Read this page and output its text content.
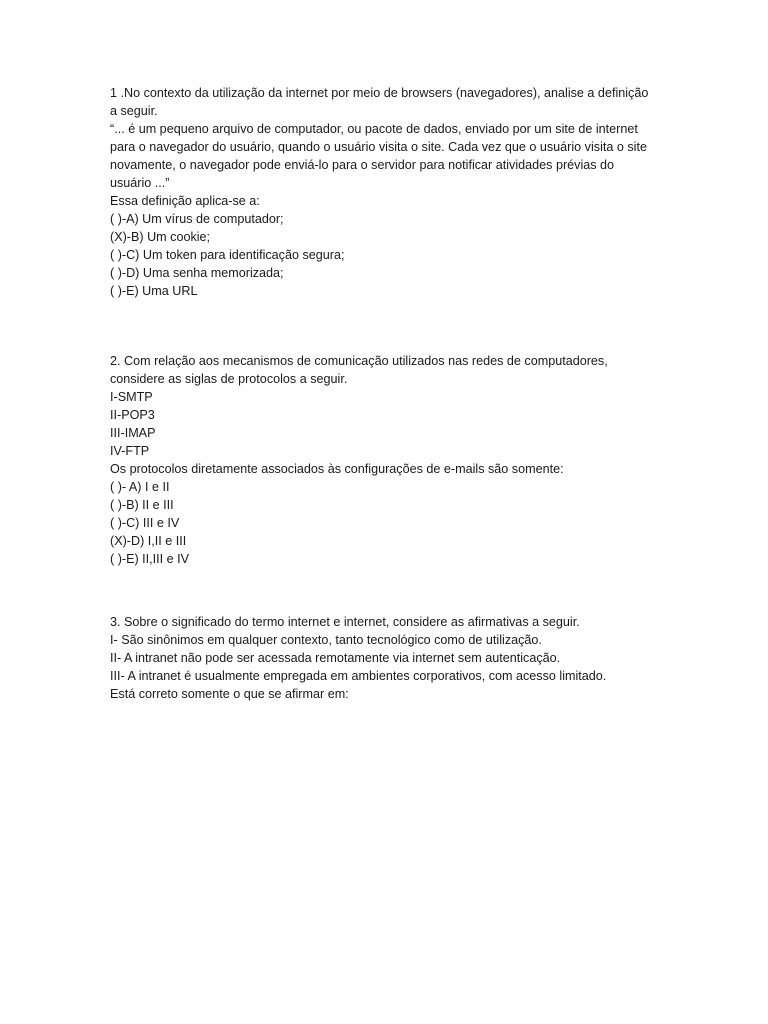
1 .No contexto da utilização da internet por meio de browsers (navegadores), analise a definição a seguir.

“... é um pequeno arquivo de computador, ou pacote de dados, enviado por um site de internet para o navegador do usuário, quando o usuário visita o site. Cada vez que o usuário visita o site novamente, o navegador pode enviá-lo para o servidor para notificar atividades prévias do usuário ...”

Essa definição aplica-se a:

( )-A) Um vírus de computador;

(X)-B) Um cookie;

( )-C) Um token para identificação segura;

( )-D) Uma senha memorizada;

( )-E) Uma URL

2. Com relação aos mecanismos de comunicação utilizados nas redes de computadores, considere as siglas de protocolos a seguir.

I-SMTP

II-POP3

III-IMAP

IV-FTP

Os protocolos diretamente associados às configurações de e-mails são somente:

( )- A) I e II

( )-B) II e III

( )-C) III e IV

(X)-D) I,II e III

( )-E) II,III e IV

3. Sobre o significado do termo internet e internet, considere as afirmativas a seguir.

I- São sinônimos em qualquer contexto, tanto tecnológico como de utilização.

II- A intranet não pode ser acessada remotamente via internet sem autenticação.

III- A intranet é usualmente empregada em ambientes corporativos, com acesso limitado.

Está correto somente o que se afirmar em:
